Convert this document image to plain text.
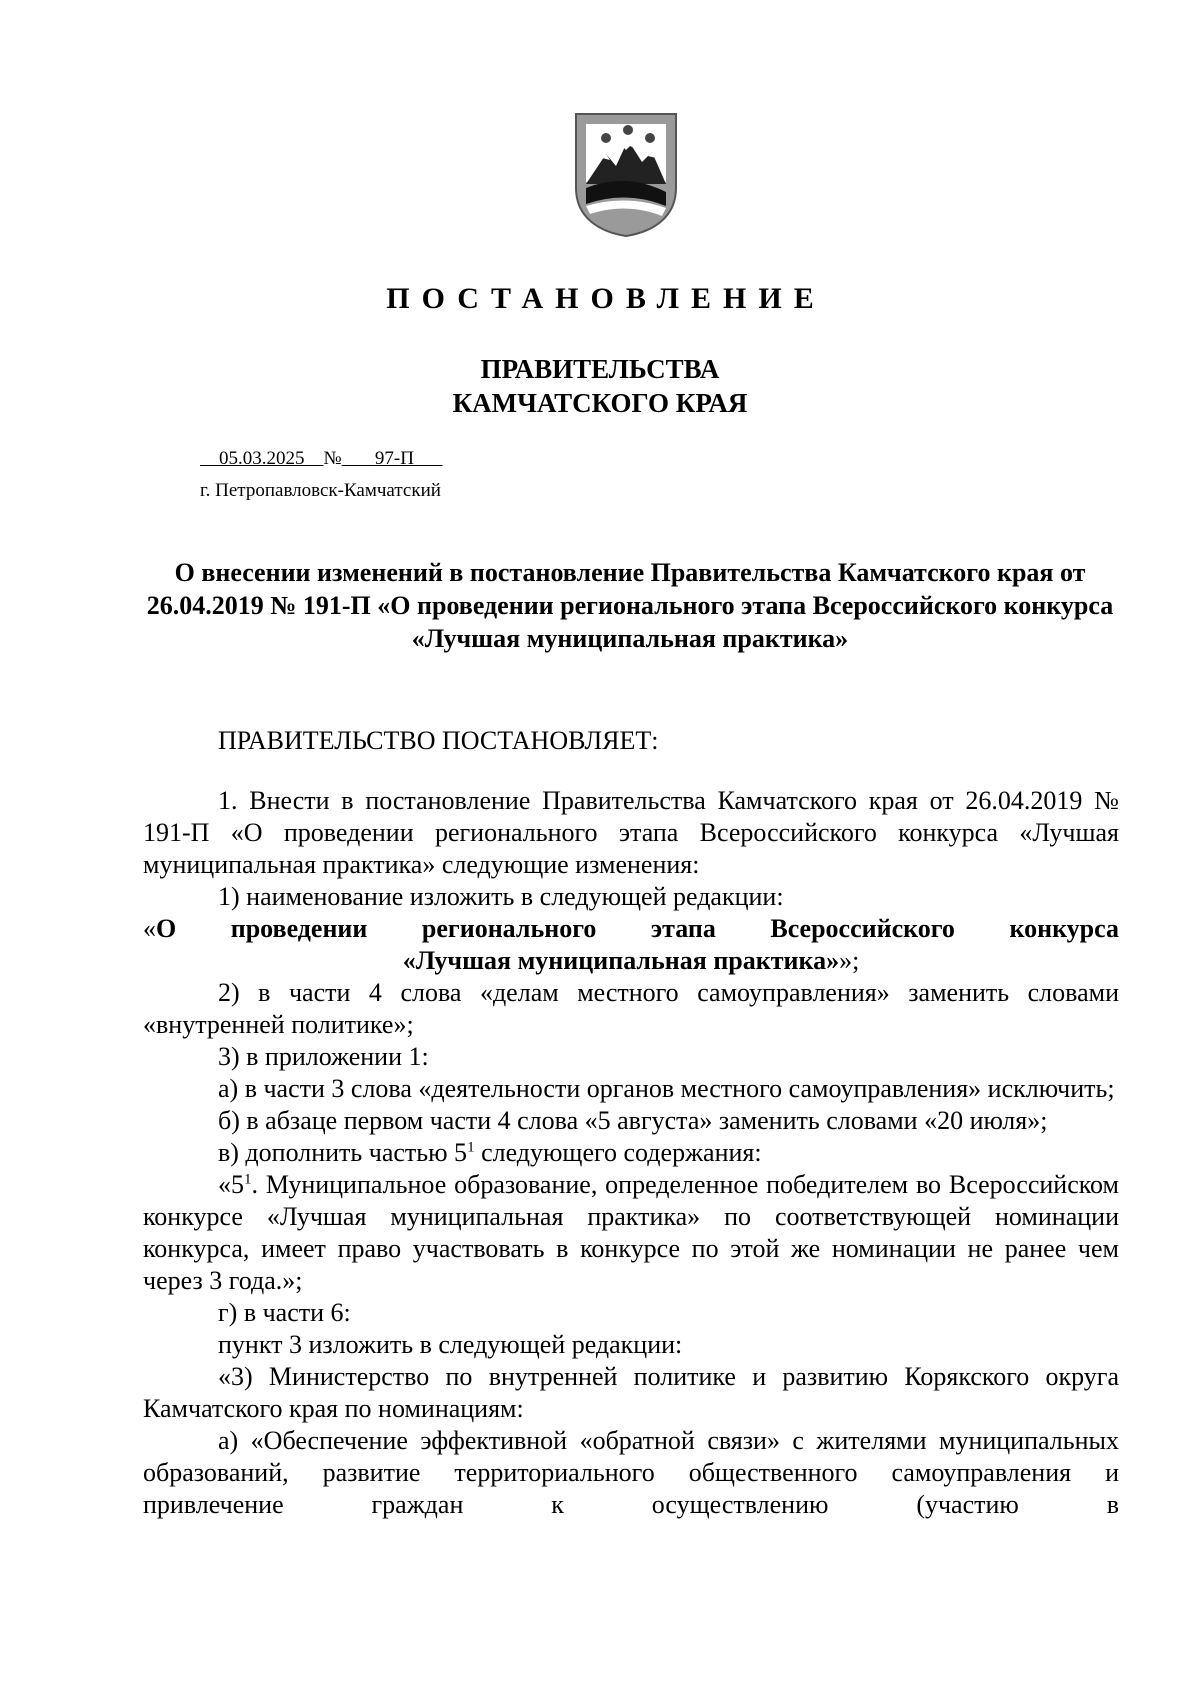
ПОСТАНОВЛЕНИЕ
ПРАВИТЕЛЬСТВА
КАМЧАТСКОГО КРАЯ
05.03.2025 № 97-П
г. Петропавловск-Камчатский
О внесении изменений в постановление Правительства Камчатского края от 26.04.2019 № 191-П «О проведении регионального этапа Всероссийского конкурса «Лучшая муниципальная практика»

ПРАВИТЕЛЬСТВО ПОСТАНОВЛЯЕТ:

1. Внести в постановление Правительства Камчатского края от 26.04.2019 № 191-П «О проведении регионального этапа Всероссийского конкурса «Лучшая муниципальная практика» следующие изменения:

1) наименование изложить в следующей редакции:

«О проведении регионального этапа Всероссийского конкурса

«Лучшая муниципальная практика»»;

2) в части 4 слова «делам местного самоуправления» заменить словами «внутренней политике»;

3) в приложении 1:

а) в части 3 слова «деятельности органов местного самоуправления» исключить;

б) в абзаце первом части 4 слова «5 августа» заменить словами «20 июля»;

в) дополнить частью $5^1$ следующего содержания:

«$5^1$. Муниципальное образование, определенное победителем во Всероссийском конкурсе «Лучшая муниципальная практика» по соответствующей номинации конкурса, имеет право участвовать в конкурсе по этой же номинации не ранее чем через 3 года.»;

г) в части 6:

пункт 3 изложить в следующей редакции:

«3) Министерство по внутренней политике и развитию Корякского округа Камчатского края по номинациям:

а) «Обеспечение эффективной «обратной связи» с жителями муниципальных образований, развитие территориального общественного самоуправления и привлечение граждан к осуществлению (участию в
